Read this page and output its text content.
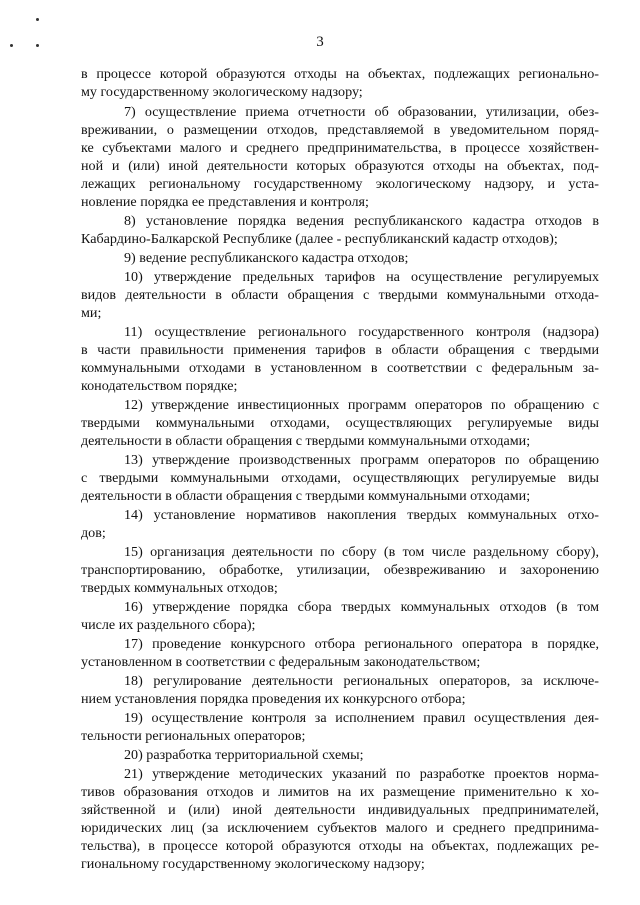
3
в процессе которой образуются отходы на объектах, подлежащих регионально-
му государственному экологическому надзору;
7) осуществление приема отчетности об образовании, утилизации, обез-
вреживании, о размещении отходов, представляемой в уведомительном поряд-
ке субъектами малого и среднего предпринимательства, в процессе хозяйствен-
ной и (или) иной деятельности которых образуются отходы на объектах, под-
лежащих региональному государственному экологическому надзору, и уста-
новление порядка ее представления и контроля;
8) установление порядка ведения республиканского кадастра отходов в
Кабардино-Балкарской Республике (далее - республиканский кадастр отходов);
9) ведение республиканского кадастра отходов;
10) утверждение предельных тарифов на осуществление регулируемых
видов деятельности в области обращения с твердыми коммунальными отхода-
ми;
11) осуществление регионального государственного контроля (надзора)
в части правильности применения тарифов в области обращения с твердыми
коммунальными отходами в установленном в соответствии с федеральным за-
конодательством порядке;
12) утверждение инвестиционных программ операторов по обращению с
твердыми коммунальными отходами, осуществляющих регулируемые виды
деятельности в области обращения с твердыми коммунальными отходами;
13) утверждение производственных программ операторов по обращению
с твердыми коммунальными отходами, осуществляющих регулируемые виды
деятельности в области обращения с твердыми коммунальными отходами;
14) установление нормативов накопления твердых коммунальных отхо-
дов;
15) организация деятельности по сбору (в том числе раздельному сбору),
транспортированию, обработке, утилизации, обезвреживанию и захоронению
твердых коммунальных отходов;
16) утверждение порядка сбора твердых коммунальных отходов (в том
числе их раздельного сбора);
17) проведение конкурсного отбора регионального оператора в порядке,
установленном в соответствии с федеральным законодательством;
18) регулирование деятельности региональных операторов, за исключе-
нием установления порядка проведения их конкурсного отбора;
19) осуществление контроля за исполнением правил осуществления дея-
тельности региональных операторов;
20) разработка территориальной схемы;
21) утверждение методических указаний по разработке проектов норма-
тивов образования отходов и лимитов на их размещение применительно к хо-
зяйственной и (или) иной деятельности индивидуальных предпринимателей,
юридических лиц (за исключением субъектов малого и среднего предпринима-
тельства), в процессе которой образуются отходы на объектах, подлежащих ре-
гиональному государственному экологическому надзору;
